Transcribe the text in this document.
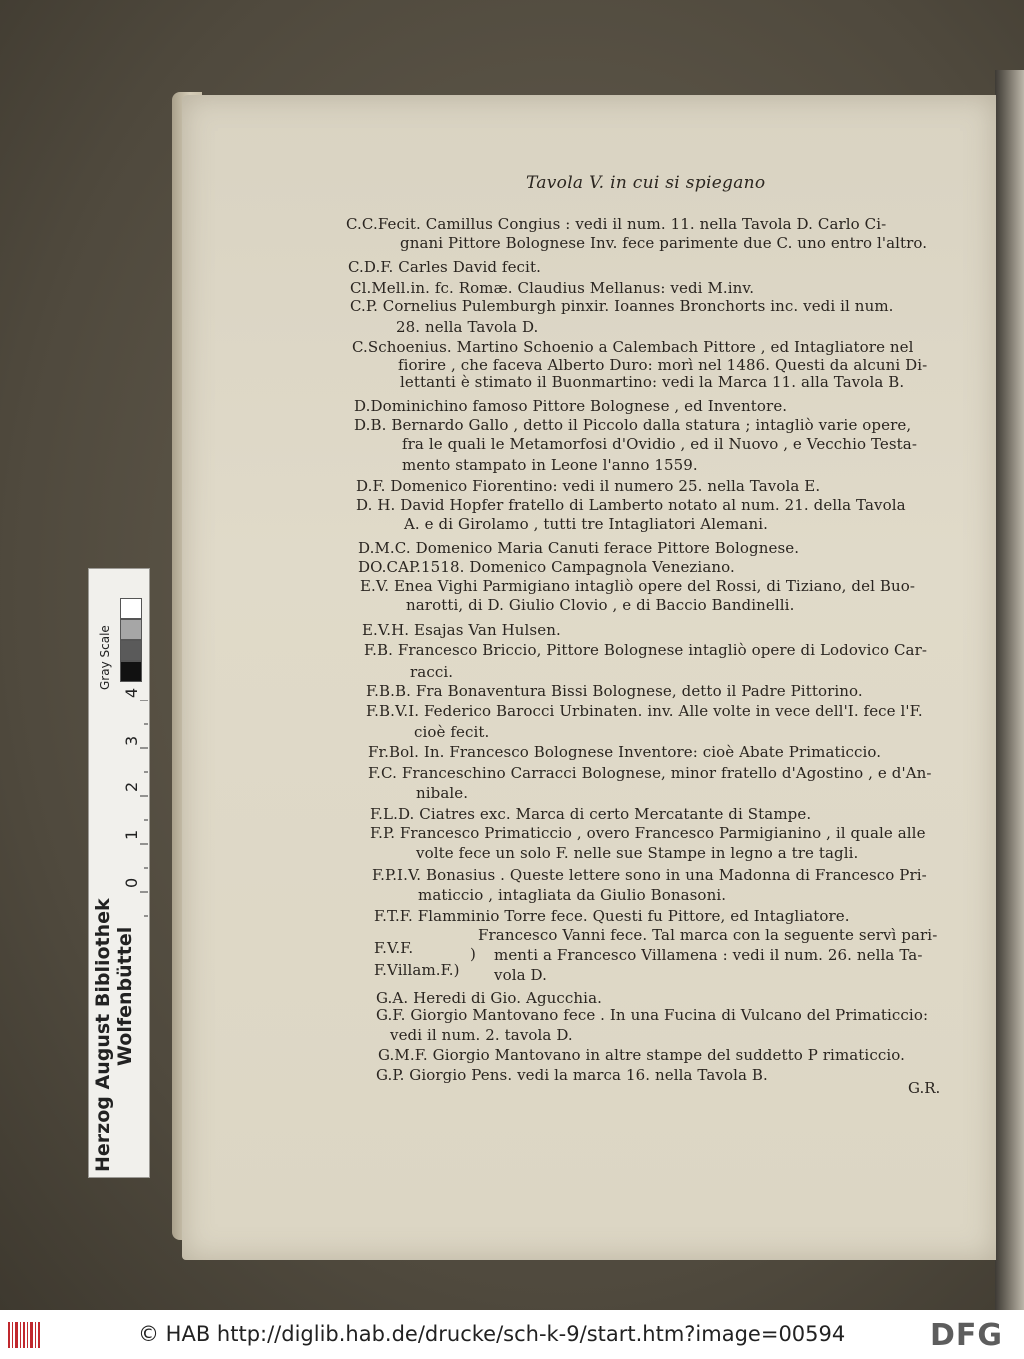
Tavola V. in cui si spiegano
C.C.Fecit. Camillus Congius : vedi il num. 11. nella Tavola D. Carlo Ci-
gnani Pittore Bolognese Inv. fece parimente due C. uno entro l'altro.
C.D.F. Carles David fecit.
Cl.Mell.in. fc. Romæ. Claudius Mellanus: vedi M.inv.
C.P. Cornelius Pulemburgh pinxir. Ioannes Bronchorts inc. vedi il num.
28. nella Tavola D.
C.Schoenius. Martino Schoenio a Calembach Pittore , ed Intagliatore nel
fiorire , che faceva Alberto Duro: morì nel 1486. Questi da alcuni Di-
lettanti è stimato il Buonmartino: vedi la Marca 11. alla Tavola B.
D.Dominichino famoso Pittore Bolognese , ed Inventore.
D.B. Bernardo Gallo , detto il Piccolo dalla statura ; intagliò varie opere,
fra le quali le Metamorfosi d'Ovidio , ed il Nuovo , e Vecchio Testa-
mento stampato in Leone l'anno 1559.
D.F. Domenico Fiorentino: vedi il numero 25. nella Tavola E.
D. H. David Hopfer fratello di Lamberto notato al num. 21. della Tavola
A. e di Girolamo , tutti tre Intagliatori Alemani.
D.M.C. Domenico Maria Canuti ferace Pittore Bolognese.
DO.CAP.1518. Domenico Campagnola Veneziano.
E.V. Enea Vighi Parmigiano intagliò opere del Rossi, di Tiziano, del Buo-
narotti, di D. Giulio Clovio , e di Baccio Bandinelli.
E.V.H. Esajas Van Hulsen.
F.B. Francesco Briccio, Pittore Bolognese intagliò opere di Lodovico Car-
racci.
F.B.B. Fra Bonaventura Bissi Bolognese, detto il Padre Pittorino.
F.B.V.I. Federico Barocci Urbinaten. inv. Alle volte in vece dell'I. fece l'F.
cioè fecit.
Fr.Bol. In. Francesco Bolognese Inventore: cioè Abate Primaticcio.
F.C. Franceschino Carracci Bolognese, minor fratello d'Agostino , e d'An-
nibale.
F.L.D. Ciatres exc. Marca di certo Mercatante di Stampe.
F.P. Francesco Primaticcio , overo Francesco Parmigianino , il quale alle
volte fece un solo F. nelle sue Stampe in legno a tre tagli.
F.P.I.V. Bonasius . Queste lettere sono in una Madonna di Francesco Pri-
maticcio , intagliata da Giulio Bonasoni.
F.T.F. Flamminio Torre fece. Questi fu Pittore, ed Intagliatore.
Francesco Vanni fece. Tal marca con la seguente servì pari-
F.V.F.	) menti a Francesco Villamena : vedi il num. 26. nella Ta-
F.Villam.F.) vola D.
G.A. Heredi di Gio. Agucchia.
G.F. Giorgio Mantovano fece . In una Fucina di Vulcano del Primaticcio:
vedi il num. 2. tavola D.
G.M.F. Giorgio Mantovano in altre stampe del suddetto P rimaticcio.
G.P. Giorgio Pens. vedi la marca 16. nella Tavola B.
G.R.
Gray Scale
Herzog August Bibliothek Wolfenbüttel
0
1
2
3
4
© HAB http://diglib.hab.de/drucke/sch-k-9/start.htm?image=00594	DFG
